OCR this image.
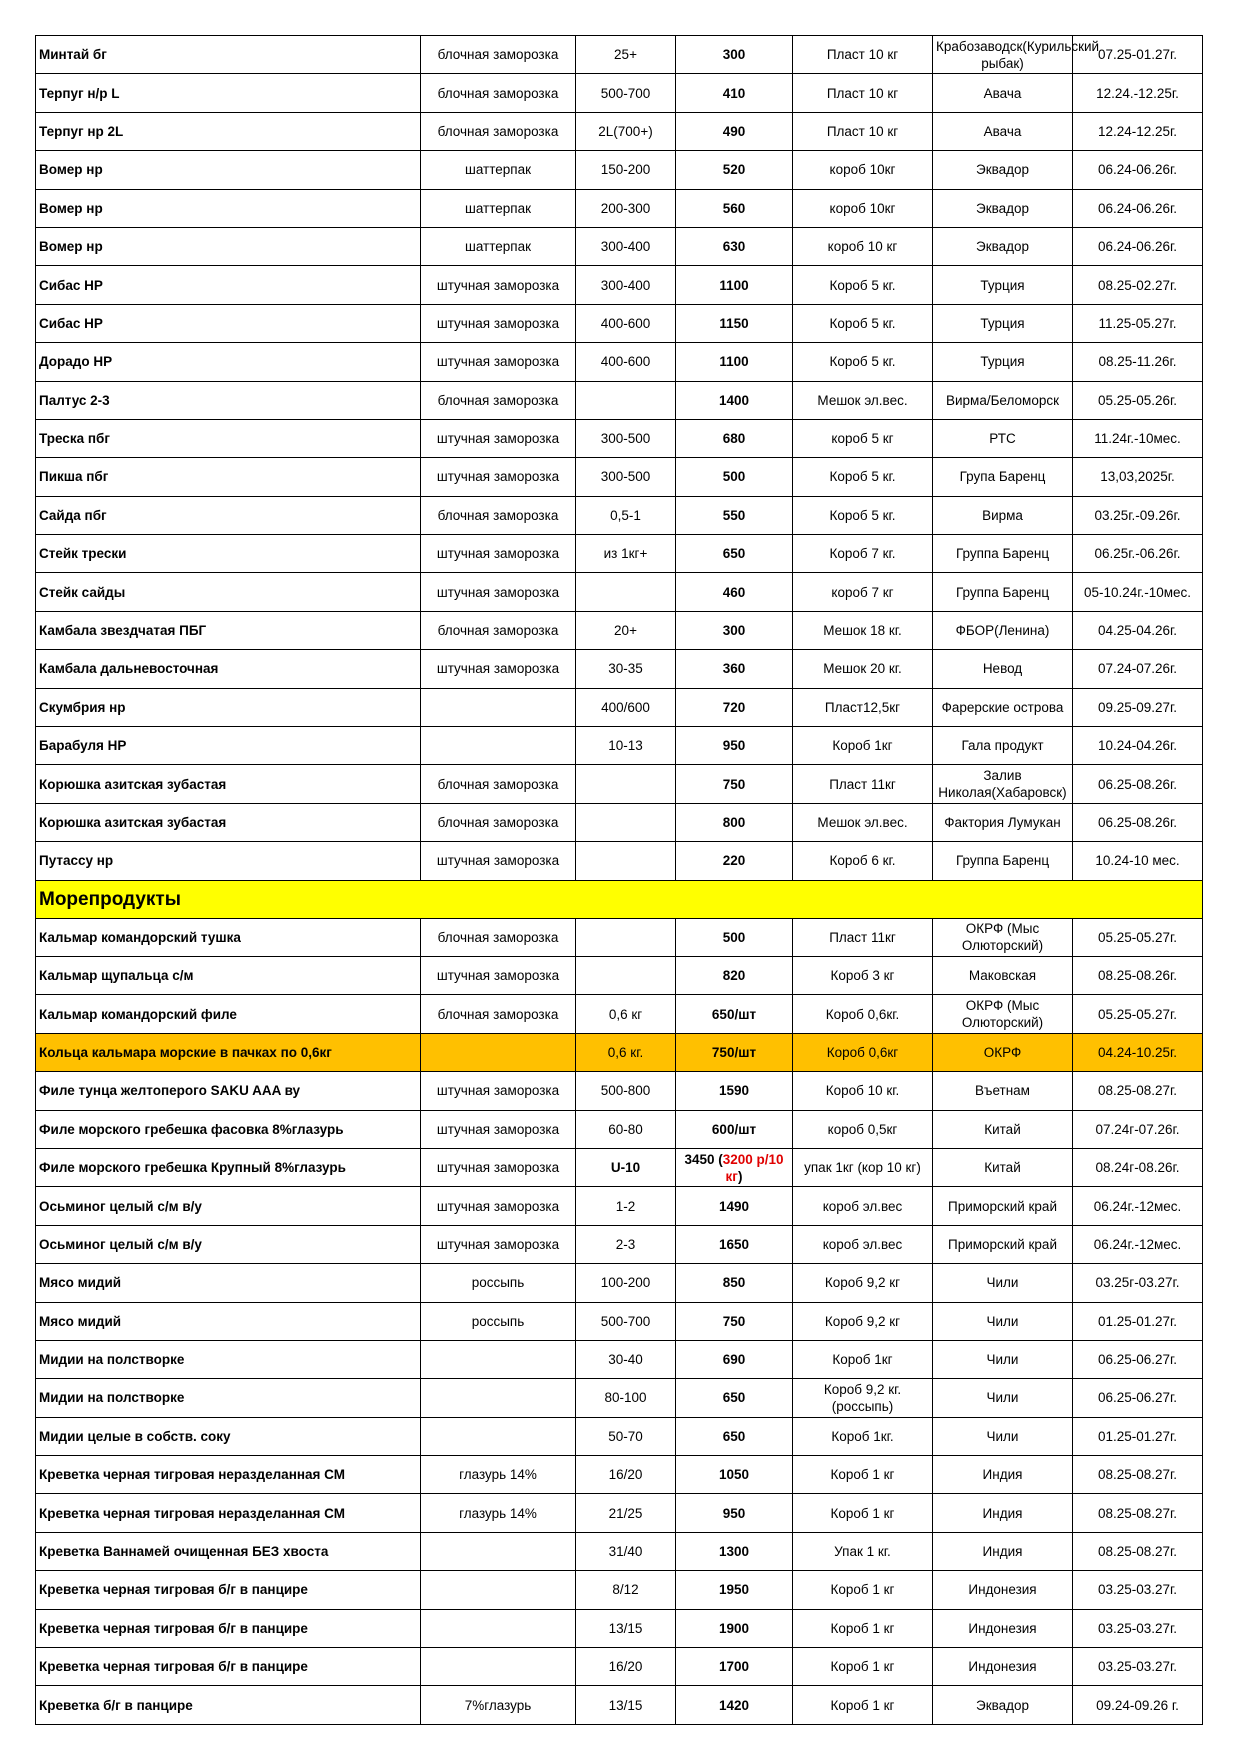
Минтай бг	блочная заморозка	25+	300	Пласт 10 кг	Крабозаводск(Курильский рыбак)	07.25-01.27г.
Терпуг н/р L	блочная заморозка	500-700	410	Пласт 10 кг	Авача	12.24.-12.25г.
Терпуг нр 2L	блочная заморозка	2L(700+)	490	Пласт 10 кг	Авача	12.24-12.25г.
Вомер нр	шаттерпак	150-200	520	короб 10кг	Эквадор	06.24-06.26г.
Вомер нр	шаттерпак	200-300	560	короб 10кг	Эквадор	06.24-06.26г.
Вомер нр	шаттерпак	300-400	630	короб 10 кг	Эквадор	06.24-06.26г.
Сибас НР	штучная заморозка	300-400	1100	Короб 5 кг.	Турция	08.25-02.27г.
Сибас НР	штучная заморозка	400-600	1150	Короб 5 кг.	Турция	11.25-05.27г.
Дорадо НР	штучная заморозка	400-600	1100	Короб 5 кг.	Турция	08.25-11.26г.
Палтус 2-3	блочная заморозка		1400	Мешок эл.вес.	Вирма/Беломорск	05.25-05.26г.
Треска пбг	штучная заморозка	300-500	680	короб 5 кг	РТС	11.24г.-10мес.
Пикша пбг	штучная заморозка	300-500	500	Короб 5 кг.	Група Баренц	13,03,2025г.
Сайда пбг	блочная заморозка	0,5-1	550	Короб 5 кг.	Вирма	03.25г.-09.26г.
Стейк трески	штучная заморозка	из 1кг+	650	Короб 7 кг.	Группа Баренц	06.25г.-06.26г.
Стейк сайды	штучная заморозка		460	короб 7 кг	Группа Баренц	05-10.24г.-10мес.
Камбала звездчатая ПБГ	блочная заморозка	20+	300	Мешок 18 кг.	ФБОР(Ленина)	04.25-04.26г.
Камбала дальневосточная	штучная заморозка	30-35	360	Мешок 20 кг.	Невод	07.24-07.26г.
Скумбрия нр		400/600	720	Пласт12,5кг	Фарерские острова	09.25-09.27г.
Барабуля НР		10-13	950	Короб 1кг	Гала продукт	10.24-04.26г.
Корюшка азитская зубастая	блочная заморозка		750	Пласт 11кг	Залив Николая(Хабаровск)	06.25-08.26г.
Корюшка азитская зубастая	блочная заморозка		800	Мешок эл.вес.	Фактория Лумукан	06.25-08.26г.
Путассу нр	штучная заморозка		220	Короб 6 кг.	Группа Баренц	10.24-10 мес.
Морепродукты						
Кальмар командорский тушка	блочная заморозка		500	Пласт 11кг	ОКРФ (Мыс Олюторский)	05.25-05.27г.
Кальмар щупальца с/м	штучная заморозка		820	Короб 3 кг	Маковская	08.25-08.26г.
Кальмар командорский филе	блочная заморозка	0,6 кг	650/шт	Короб 0,6кг.	ОКРФ (Мыс Олюторский)	05.25-05.27г.
Кольца кальмара морские в пачках по 0,6кг		0,6 кг.	750/шт	Короб 0,6кг	ОКРФ	04.24-10.25г.
Филе тунца желтоперого SAKU AAA ву	штучная заморозка	500-800	1590	Короб 10 кг.	Въетнам	08.25-08.27г.
Филе морского гребешка фасовка 8%глазурь	штучная заморозка	60-80	600/шт	короб 0,5кг	Китай	07.24г-07.26г.
Филе морского гребешка Крупный 8%глазурь	штучная заморозка	U-10	3450 (3200 р/10 кг)	упак 1кг (кор 10 кг)	Китай	08.24г-08.26г.
Осьминог целый с/м в/у	штучная заморозка	1-2	1490	короб эл.вес	Приморский край	06.24г.-12мес.
Осьминог целый с/м в/у	штучная заморозка	2-3	1650	короб эл.вес	Приморский край	06.24г.-12мес.
Мясо мидий	россыпь	100-200	850	Короб 9,2 кг	Чили	03.25г-03.27г.
Мясо мидий	россыпь	500-700	750	Короб 9,2 кг	Чили	01.25-01.27г.
Мидии на полстворке		30-40	690	Короб 1кг	Чили	06.25-06.27г.
Мидии на полстворке		80-100	650	Короб 9,2 кг. (россыпь)	Чили	06.25-06.27г.
Мидии целые в собств. соку		50-70	650	Короб 1кг.	Чили	01.25-01.27г.
Креветка черная тигровая неразделанная СМ	глазурь 14%	16/20	1050	Короб 1 кг	Индия	08.25-08.27г.
Креветка черная тигровая неразделанная СМ	глазурь 14%	21/25	950	Короб 1 кг	Индия	08.25-08.27г.
Креветка Ваннамей очищенная БЕЗ хвоста		31/40	1300	Упак 1 кг.	Индия	08.25-08.27г.
Креветка черная тигровая б/г в панцире		8/12	1950	Короб 1 кг	Индонезия	03.25-03.27г.
Креветка черная тигровая б/г в панцире		13/15	1900	Короб 1 кг	Индонезия	03.25-03.27г.
Креветка черная тигровая б/г в панцире		16/20	1700	Короб 1 кг	Индонезия	03.25-03.27г.
Креветка б/г в панцире	7%глазурь	13/15	1420	Короб 1 кг	Эквадор	09.24-09.26 г.
